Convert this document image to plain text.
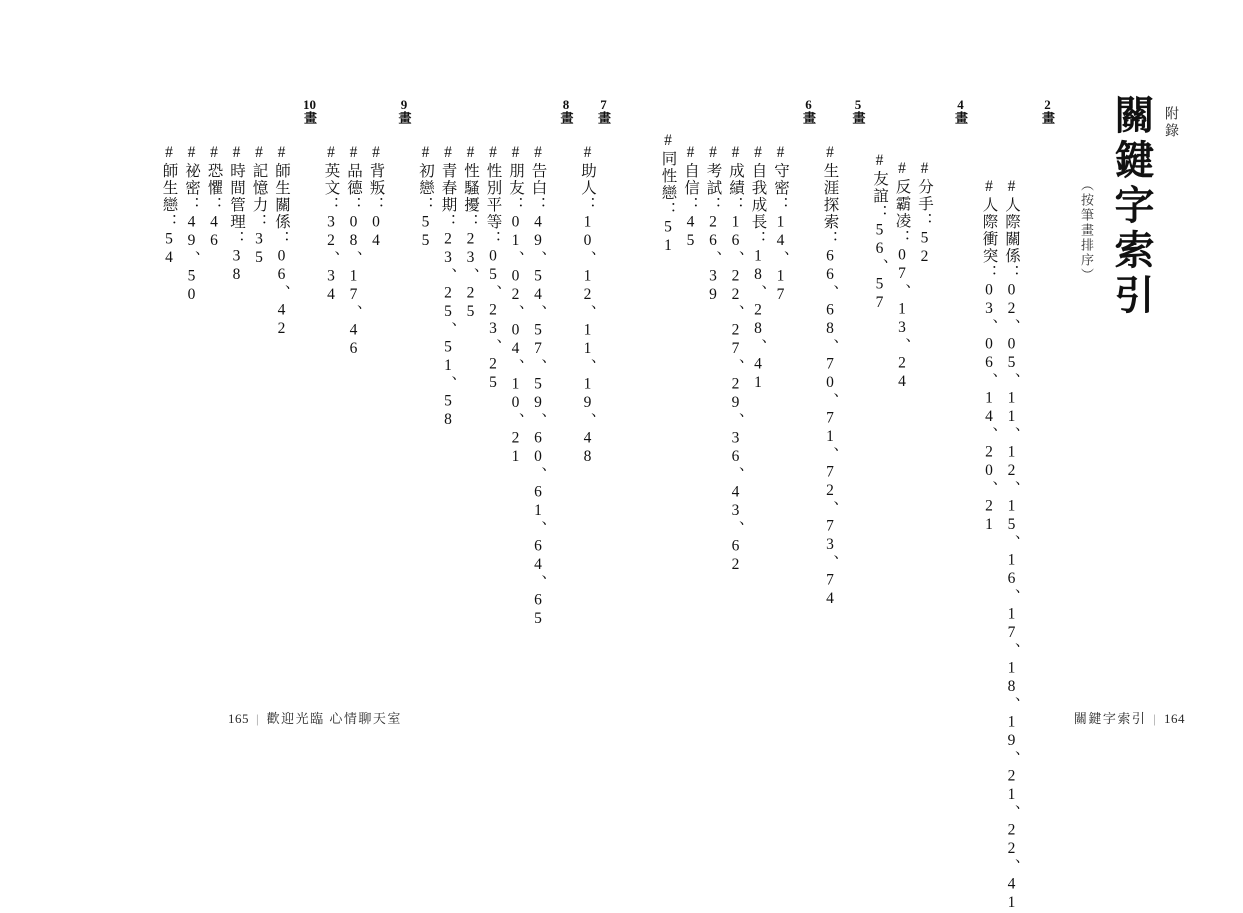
附錄
關鍵字索引
（按筆畫排序）
2畫
#人際關係：02、05、11、12、15、16、17、18、19、21、22、41
#人際衝突：03、06、14、20、21
4畫
#分手：52
#反霸凌：07、13、24
#友誼：56、57
5畫
#生涯探索：66、68、70、71、72、73、74
6畫
#守密：14、17
#自我成長：18、28、41
#成績：16、22、27、29、36、43、62
#考試：26、39
#自信：45
#同性戀：51
關鍵字索引 | 164
7畫
#助人：10、12、11、19、48
8畫
#告白：49、54、57、59、60、61、64、65
#朋友：01、02、04、10、21
#性別平等：05、23、25
#性騷擾：23、25
#青春期：23、25、51、58
#初戀：55
9畫
#背叛：04
#品德：08、17、46
#英文：32、34
10畫
#師生關係：06、42
#記憶力：35
#時間管理：38
#恐懼：46
#祕密：49、50
#師生戀：54
165 | 歡迎光臨 心情聊天室
